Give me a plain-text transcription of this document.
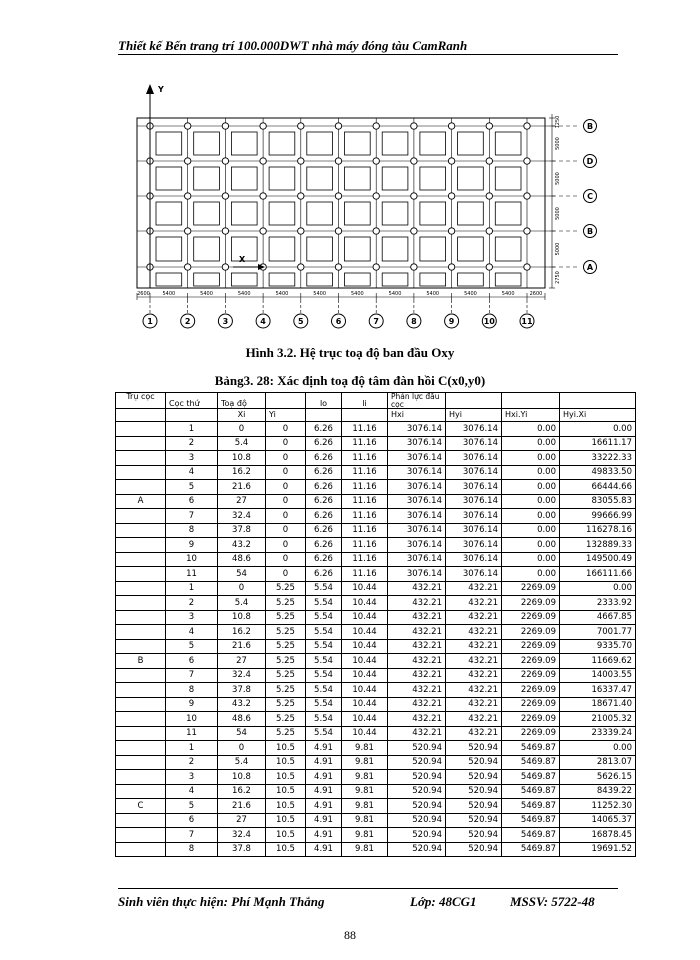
Thiết kế Bến trang trí 100.000DWT nhà máy đóng tàu CamRanh
B
D
C
B
A
1250
5000
5000
5000
5000
2750
2600	5400	5400	5400	5400	5400	5400	5400	5400	5400	5400	2600
1	2	3	4	5	6	7	8	9	10	11
Y
X
Hình 3.2. Hệ trục toạ độ ban đầu Oxy
Bảng3. 28: Xác định toạ độ tâm đàn hồi C(x0,y0)
Trụ cọc	Cọc thứ	Toạ độ		lo	li	Phản lực đầu cọc			
		Xi	Yi			Hxi	Hyi	Hxi.Yi	Hyi.Xi
	1	0	0	6.26	11.16	3076.14	3076.14	0.00	0.00
	2	5.4	0	6.26	11.16	3076.14	3076.14	0.00	16611.17
	3	10.8	0	6.26	11.16	3076.14	3076.14	0.00	33222.33
	4	16.2	0	6.26	11.16	3076.14	3076.14	0.00	49833.50
	5	21.6	0	6.26	11.16	3076.14	3076.14	0.00	66444.66
A	6	27	0	6.26	11.16	3076.14	3076.14	0.00	83055.83
	7	32.4	0	6.26	11.16	3076.14	3076.14	0.00	99666.99
	8	37.8	0	6.26	11.16	3076.14	3076.14	0.00	116278.16
	9	43.2	0	6.26	11.16	3076.14	3076.14	0.00	132889.33
	10	48.6	0	6.26	11.16	3076.14	3076.14	0.00	149500.49
	11	54	0	6.26	11.16	3076.14	3076.14	0.00	166111.66
	1	0	5.25	5.54	10.44	432.21	432.21	2269.09	0.00
	2	5.4	5.25	5.54	10.44	432.21	432.21	2269.09	2333.92
	3	10.8	5.25	5.54	10.44	432.21	432.21	2269.09	4667.85
	4	16.2	5.25	5.54	10.44	432.21	432.21	2269.09	7001.77
	5	21.6	5.25	5.54	10.44	432.21	432.21	2269.09	9335.70
B	6	27	5.25	5.54	10.44	432.21	432.21	2269.09	11669.62
	7	32.4	5.25	5.54	10.44	432.21	432.21	2269.09	14003.55
	8	37.8	5.25	5.54	10.44	432.21	432.21	2269.09	16337.47
	9	43.2	5.25	5.54	10.44	432.21	432.21	2269.09	18671.40
	10	48.6	5.25	5.54	10.44	432.21	432.21	2269.09	21005.32
	11	54	5.25	5.54	10.44	432.21	432.21	2269.09	23339.24
	1	0	10.5	4.91	9.81	520.94	520.94	5469.87	0.00
	2	5.4	10.5	4.91	9.81	520.94	520.94	5469.87	2813.07
	3	10.8	10.5	4.91	9.81	520.94	520.94	5469.87	5626.15
	4	16.2	10.5	4.91	9.81	520.94	520.94	5469.87	8439.22
C	5	21.6	10.5	4.91	9.81	520.94	520.94	5469.87	11252.30
	6	27	10.5	4.91	9.81	520.94	520.94	5469.87	14065.37
	7	32.4	10.5	4.91	9.81	520.94	520.94	5469.87	16878.45
	8	37.8	10.5	4.91	9.81	520.94	520.94	5469.87	19691.52
Sinh viên thực hiện: Phí Mạnh Thắng	Lớp: 48CG1	MSSV: 5722-48
88
